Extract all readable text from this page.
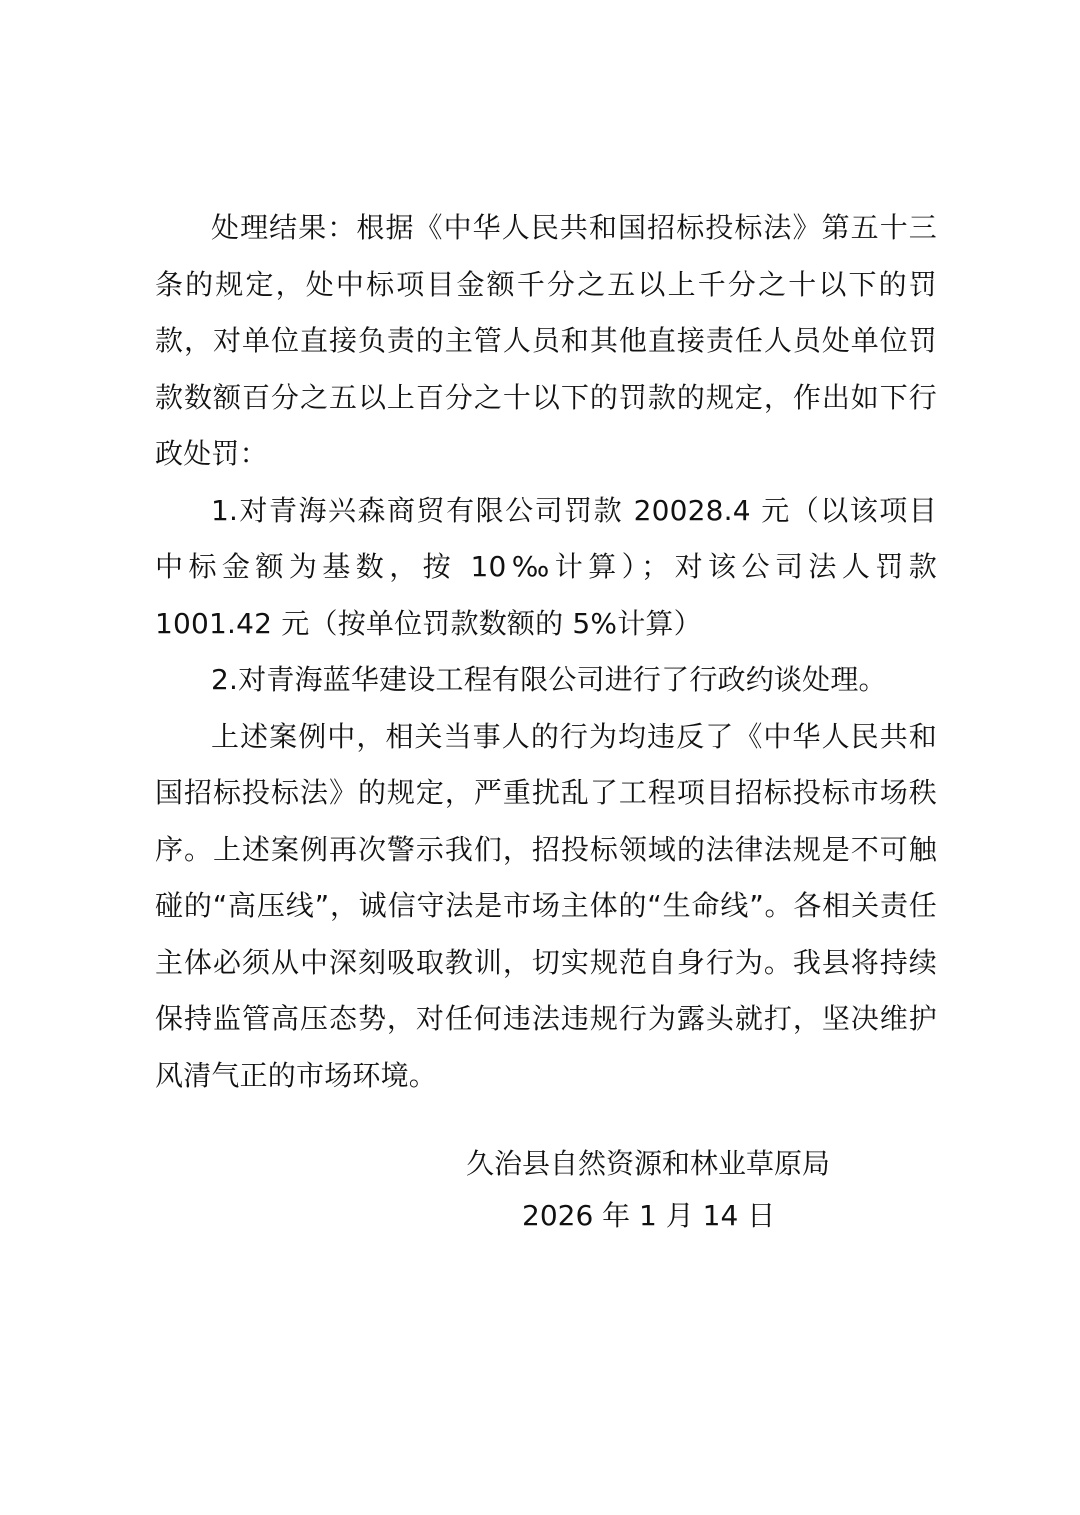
处理结果：根据《中华人民共和国招标投标法》第五十三条的规定，处中标项目金额千分之五以上千分之十以下的罚款，对单位直接负责的主管人员和其他直接责任人员处单位罚款数额百分之五以上百分之十以下的罚款的规定，作出如下行政处罚：

1.对青海兴森商贸有限公司罚款 20028.4 元（以该项目中标金额为基数，按 10‰计算）；对该公司法人罚款 1001.42 元（按单位罚款数额的 5%计算）

2.对青海蓝华建设工程有限公司进行了行政约谈处理。

上述案例中，相关当事人的行为均违反了《中华人民共和国招标投标法》的规定，严重扰乱了工程项目招标投标市场秩序。上述案例再次警示我们，招投标领域的法律法规是不可触碰的“高压线”，诚信守法是市场主体的“生命线”。各相关责任主体必须从中深刻吸取教训，切实规范自身行为。我县将持续保持监管高压态势，对任何违法违规行为露头就打，坚决维护风清气正的市场环境。

久治县自然资源和林业草原局
2026 年 1 月 14 日
